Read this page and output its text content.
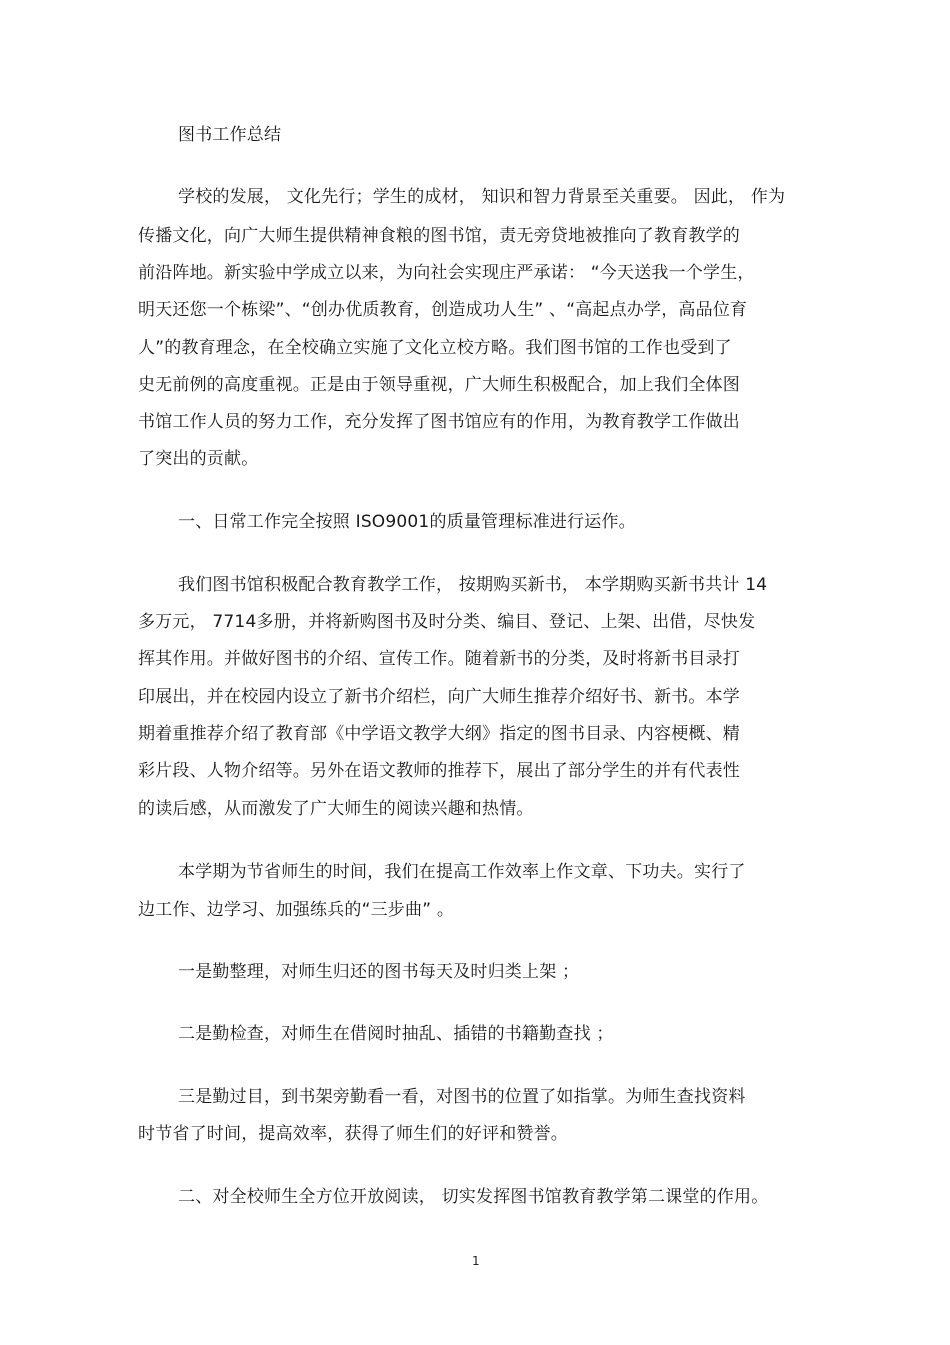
图书工作总结
学校的发展， 文化先行；学生的成材， 知识和智力背景至关重要。 因此， 作为
传播文化，向广大师生提供精神食粮的图书馆，责无旁贷地被推向了教育教学的
前沿阵地。新实验中学成立以来，为向社会实现庄严承诺： “今天送我一个学生，
明天还您一个栋梁”、“创办优质教育，创造成功人生” 、“高起点办学，高品位育
人”的教育理念，在全校确立实施了文化立校方略。我们图书馆的工作也受到了
史无前例的高度重视。正是由于领导重视，广大师生积极配合，加上我们全体图
书馆工作人员的努力工作，充分发挥了图书馆应有的作用，为教育教学工作做出
了突出的贡献。
一、日常工作完全按照 ISO9001的质量管理标准进行运作。
我们图书馆积极配合教育教学工作， 按期购买新书， 本学期购买新书共计 14
多万元， 7714多册，并将新购图书及时分类、编目、登记、上架、出借，尽快发
挥其作用。并做好图书的介绍、宣传工作。随着新书的分类，及时将新书目录打
印展出，并在校园内设立了新书介绍栏，向广大师生推荐介绍好书、新书。本学
期着重推荐介绍了教育部《中学语文教学大纲》指定的图书目录、内容梗概、精
彩片段、人物介绍等。另外在语文教师的推荐下，展出了部分学生的并有代表性
的读后感，从而激发了广大师生的阅读兴趣和热情。
本学期为节省师生的时间，我们在提高工作效率上作文章、下功夫。实行了
边工作、边学习、加强练兵的“三步曲” 。
一是勤整理，对师生归还的图书每天及时归类上架 ；
二是勤检查，对师生在借阅时抽乱、插错的书籍勤查找 ；
三是勤过目，到书架旁勤看一看，对图书的位置了如指掌。为师生查找资料
时节省了时间，提高效率，获得了师生们的好评和赞誉。
二、对全校师生全方位开放阅读， 切实发挥图书馆教育教学第二课堂的作用。
1
